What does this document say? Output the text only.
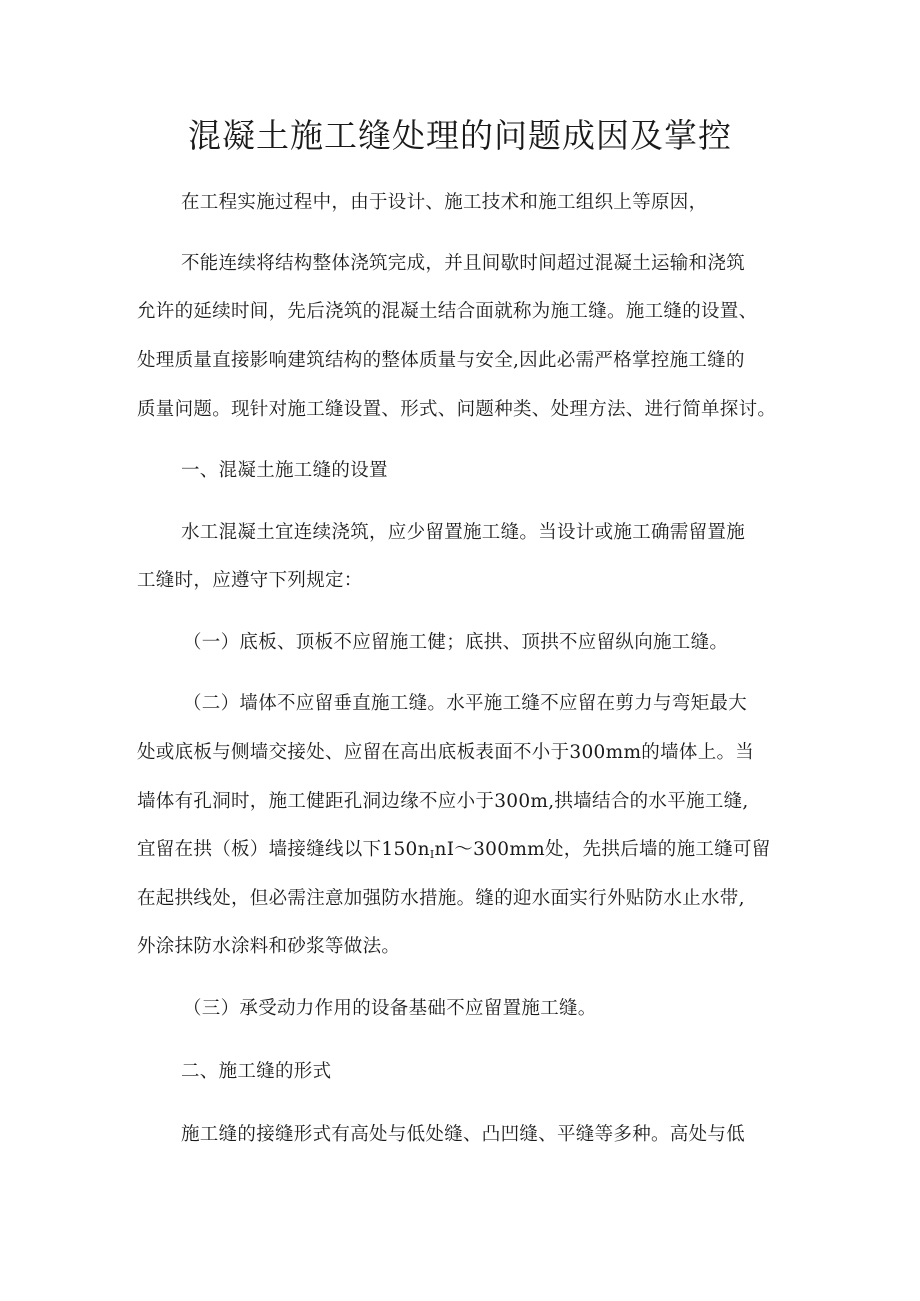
混凝土施工缝处理的问题成因及掌控
在工程实施过程中，由于设计、施工技术和施工组织上等原因，
不能连续将结构整体浇筑完成，并且间歇时间超过混凝土运输和浇筑
允许的延续时间，先后浇筑的混凝土结合面就称为施工缝。施工缝的设置、
处理质量直接影响建筑结构的整体质量与安全,因此必需严格掌控施工缝的
质量问题。现针对施工缝设置、形式、问题种类、处理方法、进行简单探讨。
一、混凝土施工缝的设置
水工混凝土宜连续浇筑，应少留置施工缝。当设计或施工确需留置施
工缝时，应遵守下列规定：
（一）底板、顶板不应留施工健；底拱、顶拱不应留纵向施工缝。
（二）墙体不应留垂直施工缝。水平施工缝不应留在剪力与弯矩最大
处或底板与侧墙交接处、应留在高出底板表面不小于300mm的墙体上。当
墙体有孔洞时，施工健距孔洞边缘不应小于300m,拱墙结合的水平施工缝,
宜留在拱（板）墙接缝线以下$150n_InI\sim 300mm$处，先拱后墙的施工缝可留
在起拱线处，但必需注意加强防水措施。缝的迎水面实行外贴防水止水带,
外涂抹防水涂料和砂浆等做法。
（三）承受动力作用的设备基础不应留置施工缝。
二、施工缝的形式
施工缝的接缝形式有高处与低处缝、凸凹缝、平缝等多种。高处与低
